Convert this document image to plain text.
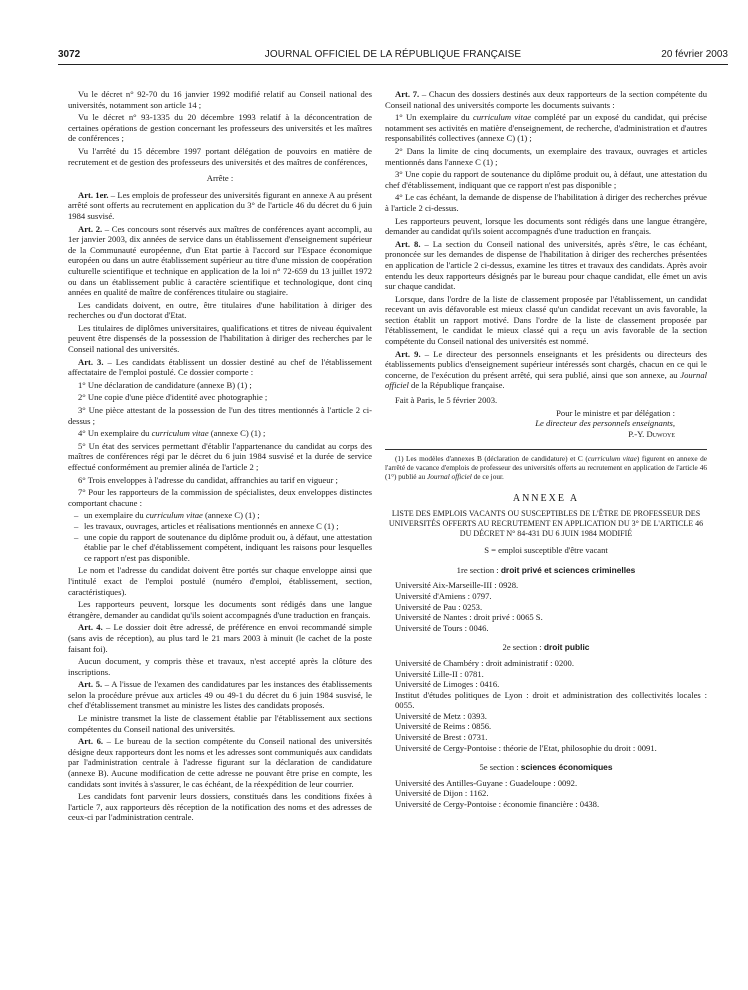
3072	JOURNAL OFFICIEL DE LA RÉPUBLIQUE FRANÇAISE	20 février 2003

Vu le décret n° 92-70 du 16 janvier 1992 modifié relatif au Conseil national des universités, notamment son article 14 ;

Vu le décret n° 93-1335 du 20 décembre 1993 relatif à la déconcentration de certaines opérations de gestion concernant les professeurs des universités et les maîtres de conférences ;

Vu l'arrêté du 15 décembre 1997 portant délégation de pouvoirs en matière de recrutement et de gestion des professeurs des universités et des maîtres de conférences,

Arrête :

Art. 1er. – Les emplois de professeur des universités figurant en annexe A au présent arrêté sont offerts au recrutement en application du 3° de l'article 46 du décret du 6 juin 1984 susvisé.

Art. 2. – Ces concours sont réservés aux maîtres de conférences ayant accompli, au 1er janvier 2003, dix années de service dans un établissement d'enseignement supérieur de la Communauté européenne, d'un Etat partie à l'accord sur l'Espace économique européen ou dans un autre établissement supérieur au titre d'une mission de coopération culturelle scientifique et technique en application de la loi n° 72-659 du 13 juillet 1972 ou dans un établissement public à caractère scientifique et technologique, dont cinq années en qualité de maître de conférences titulaire ou stagiaire.

Les candidats doivent, en outre, être titulaires d'une habilitation à diriger des recherches ou d'un doctorat d'Etat.

Les titulaires de diplômes universitaires, qualifications et titres de niveau équivalent peuvent être dispensés de la possession de l'habilitation à diriger des recherches par le Conseil national des universités.

Art. 3. – Les candidats établissent un dossier destiné au chef de l'établissement affectataire de l'emploi postulé. Ce dossier comporte :

1° Une déclaration de candidature (annexe B) (1) ;

2° Une copie d'une pièce d'identité avec photographie ;

3° Une pièce attestant de la possession de l'un des titres mentionnés à l'article 2 ci-dessus ;

4° Un exemplaire du curriculum vitae (annexe C) (1) ;

5° Un état des services permettant d'établir l'appartenance du candidat au corps des maîtres de conférences régi par le décret du 6 juin 1984 susvisé et la durée de service effectué conformément au premier alinéa de l'article 2 ;

6° Trois enveloppes à l'adresse du candidat, affranchies au tarif en vigueur ;

7° Pour les rapporteurs de la commission de spécialistes, deux enveloppes distinctes comportant chacune :

– un exemplaire du curriculum vitae (annexe C) (1) ;
– les travaux, ouvrages, articles et réalisations mentionnés en annexe C (1) ;
– une copie du rapport de soutenance du diplôme produit ou, à défaut, une attestation établie par le chef d'établissement compétent, indiquant les raisons pour lesquelles ce rapport n'est pas disponible.

Le nom et l'adresse du candidat doivent être portés sur chaque enveloppe ainsi que l'intitulé exact de l'emploi postulé (numéro d'emploi, établissement, section, caractéristiques).

Les rapporteurs peuvent, lorsque les documents sont rédigés dans une langue étrangère, demander au candidat qu'ils soient accompagnés d'une traduction en français.

Art. 4. – Le dossier doit être adressé, de préférence en envoi recommandé simple (sans avis de réception), au plus tard le 21 mars 2003 à minuit (le cachet de la poste faisant foi).

Aucun document, y compris thèse et travaux, n'est accepté après la clôture des inscriptions.

Art. 5. – A l'issue de l'examen des candidatures par les instances des établissements selon la procédure prévue aux articles 49 ou 49-1 du décret du 6 juin 1984 susvisé, le chef d'établissement transmet au ministre les listes des candidats proposés.

Le ministre transmet la liste de classement établie par l'établissement aux sections compétentes du Conseil national des universités.

Art. 6. – Le bureau de la section compétente du Conseil national des universités désigne deux rapporteurs dont les noms et les adresses sont communiqués aux candidats par l'administration centrale à l'adresse figurant sur la déclaration de candidature (annexe B). Aucune modification de cette adresse ne pouvant être prise en compte, les candidats sont invités à s'assurer, le cas échéant, de la réexpédition de leur courrier.

Les candidats font parvenir leurs dossiers, constitués dans les conditions fixées à l'article 7, aux rapporteurs dès réception de la notification des noms et des adresses de ceux-ci par l'administration centrale.

Art. 7. – Chacun des dossiers destinés aux deux rapporteurs de la section compétente du Conseil national des universités comporte les documents suivants :

1° Un exemplaire du curriculum vitae complété par un exposé du candidat, qui précise notamment ses activités en matière d'enseignement, de recherche, d'administration et d'autres responsabilités collectives (annexe C) (1) ;

2° Dans la limite de cinq documents, un exemplaire des travaux, ouvrages et articles mentionnés dans l'annexe C (1) ;

3° Une copie du rapport de soutenance du diplôme produit ou, à défaut, une attestation du chef d'établissement, indiquant que ce rapport n'est pas disponible ;

4° Le cas échéant, la demande de dispense de l'habilitation à diriger des recherches prévue à l'article 2 ci-dessus.

Les rapporteurs peuvent, lorsque les documents sont rédigés dans une langue étrangère, demander au candidat qu'ils soient accompagnés d'une traduction en français.

Art. 8. – La section du Conseil national des universités, après s'être, le cas échéant, prononcée sur les demandes de dispense de l'habilitation à diriger des recherches présentées en application de l'article 2 ci-dessus, examine les titres et travaux des candidats. Après avoir entendu les deux rapporteurs désignés par le bureau pour chaque candidat, elle émet un avis sur chaque candidat.

Lorsque, dans l'ordre de la liste de classement proposée par l'établissement, un candidat recevant un avis défavorable est mieux classé qu'un candidat recevant un avis favorable, la section établit un rapport motivé. Dans l'ordre de la liste de classement proposée par l'établissement, le candidat le mieux classé qui a reçu un avis favorable de la section compétente du Conseil national des universités est nommé.

Art. 9. – Le directeur des personnels enseignants et les présidents ou directeurs des établissements publics d'enseignement supérieur intéressés sont chargés, chacun en ce qui le concerne, de l'exécution du présent arrêté, qui sera publié, ainsi que son annexe, au Journal officiel de la République française.

Fait à Paris, le 5 février 2003.

Pour le ministre et par délégation :

Le directeur des personnels enseignants,

P.-Y. Duwoye

(1) Les modèles d'annexes B (déclaration de candidature) et C (curriculum vitae) figurent en annexe de l'arrêté de vacance d'emplois de professeur des universités offerts au recrutement en application de l'article 46 (1°) publié au Journal officiel de ce jour.

ANNEXE A

LISTE DES EMPLOIS VACANTS OU SUSCEPTIBLES DE L'ÊTRE DE PROFESSEUR DES UNIVERSITÉS OFFERTS AU RECRUTEMENT EN APPLICATION DU 3° DE L'ARTICLE 46 DU DÉCRET N° 84-431 DU 6 JUIN 1984 MODIFIÉ

S = emploi susceptible d'être vacant

1re section : droit privé et sciences criminelles

Université Aix-Marseille-III : 0928.

Université d'Amiens : 0797.

Université de Pau : 0253.

Université de Nantes : droit privé : 0065 S.

Université de Tours : 0046.

2e section : droit public

Université de Chambéry : droit administratif : 0200.

Université Lille-II : 0781.

Université de Limoges : 0416.

Institut d'études politiques de Lyon : droit et administration des collectivités locales : 0055.

Université de Metz : 0393.

Université de Reims : 0856.

Université de Brest : 0731.

Université de Cergy-Pontoise : théorie de l'Etat, philosophie du droit : 0091.

5e section : sciences économiques

Université des Antilles-Guyane : Guadeloupe : 0092.

Université de Dijon : 1162.

Université de Cergy-Pontoise : économie financière : 0438.
